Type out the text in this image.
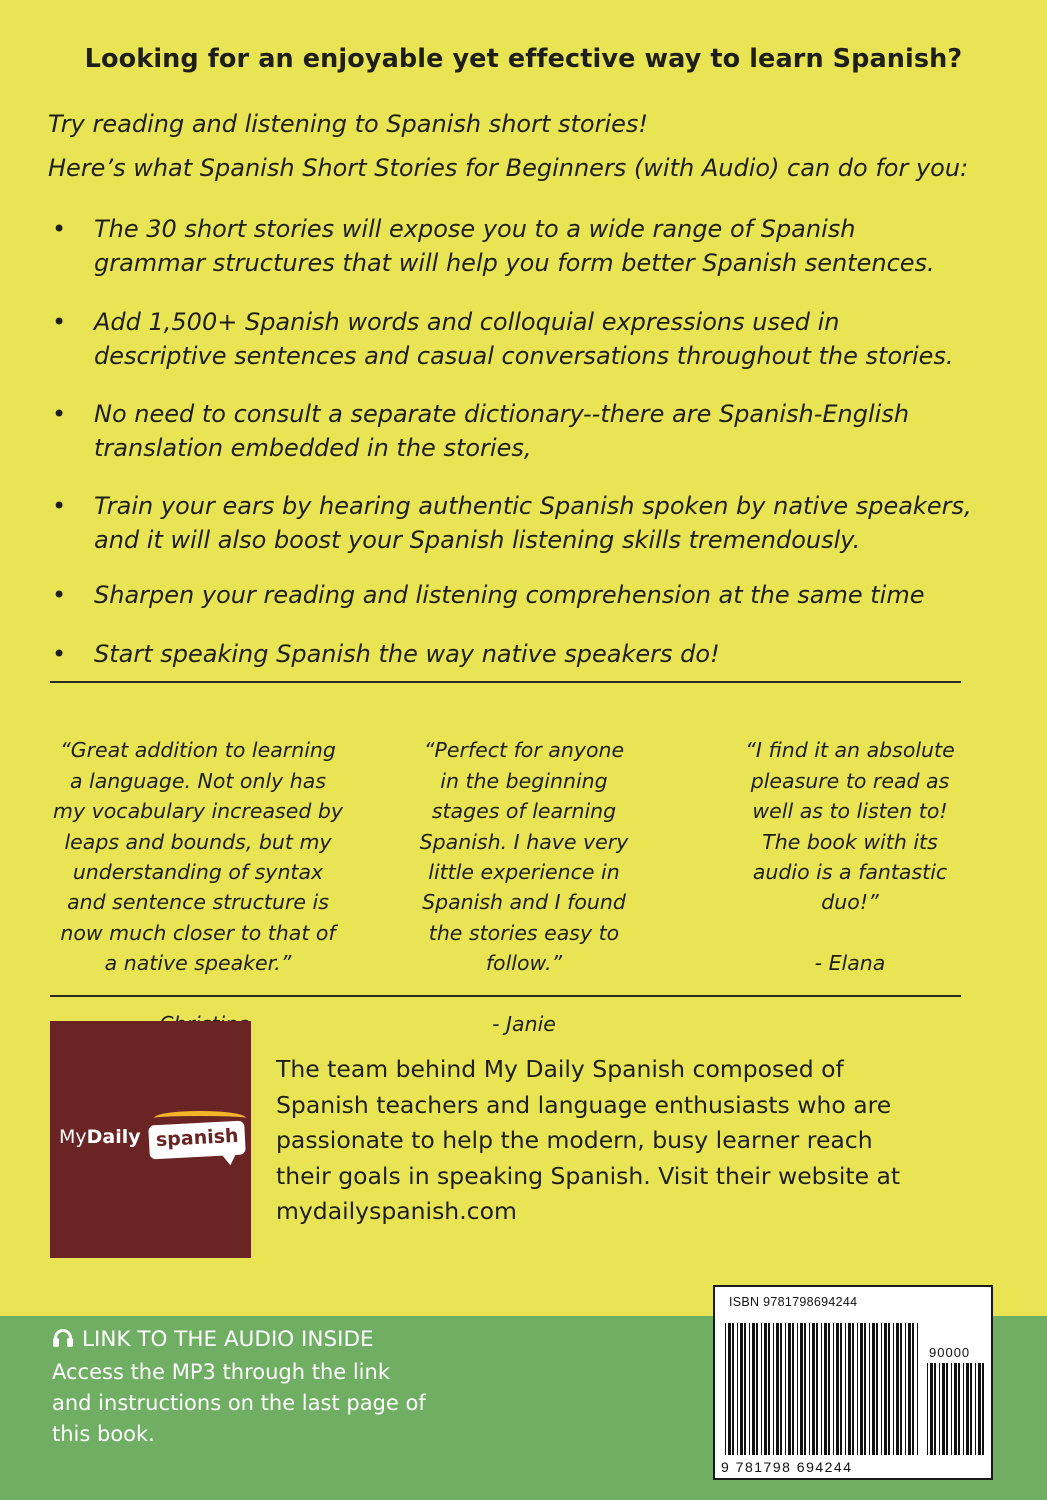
Looking for an enjoyable yet effective way to learn Spanish?
Try reading and listening to Spanish short stories!
Here’s what Spanish Short Stories for Beginners (with Audio) can do for you:
• The 30 short stories will expose you to a wide range of Spanish grammar structures that will help you form better Spanish sentences.
• Add 1,500+ Spanish words and colloquial expressions used in descriptive sentences and casual conversations throughout the stories.
• No need to consult a separate dictionary--there are Spanish-English translation embedded in the stories,
• Train your ears by hearing authentic Spanish spoken by native speakers, and it will also boost your Spanish listening skills tremendously.
• Sharpen your reading and listening comprehension at the same time
• Start speaking Spanish the way native speakers do!

“Great addition to learning
a language. Not only has
my vocabulary increased by
leaps and bounds, but my
understanding of syntax
and sentence structure is
now much closer to that of
a native speaker.”

“Perfect for anyone
in the beginning
stages of learning
Spanish. I have very
little experience in
Spanish and I found
the stories easy to
follow.”

- Janie

“I find it an absolute
pleasure to read as
well as to listen to!
The book with its
audio is a fantastic
duo!”

- Elana

MyDaily spanish
The team behind My Daily Spanish composed of
Spanish teachers and language enthusiasts who are
passionate to help the modern, busy learner reach
their goals in speaking Spanish. Visit their website at
mydailyspanish.com
LINK TO THE AUDIO INSIDE
Access the MP3 through the link
and instructions on the last page of
this book.
ISBN 9781798694244
90000
9 781798 694244
